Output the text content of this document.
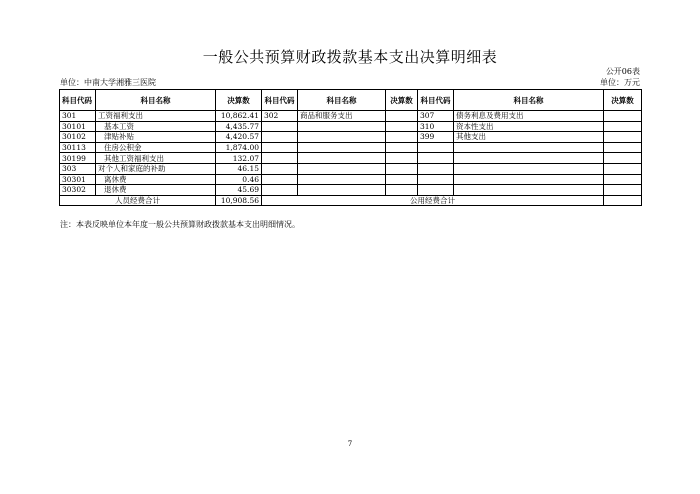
一般公共预算财政拨款基本支出决算明细表
公开06表
单位：中南大学湘雅三医院	单位：万元
科目代码	科目名称	决算数	科目代码	科目名称	决算数	科目代码	科目名称	决算数
301	工资福利支出	10,862.41	302	商品和服务支出		307	债务利息及费用支出	
30101	基本工资	4,435.77				310	资本性支出	
30102	津贴补贴	4,420.57				399	其他支出	
30113	住房公积金	1,874.00						
30199	其他工资福利支出	132.07						
303	对个人和家庭的补助	46.15						
30301	离休费	0.46						
30302	退休费	45.69						
人员经费合计		10,908.56	公用经费合计					
注：本表反映单位本年度一般公共预算财政拨款基本支出明细情况。
7
